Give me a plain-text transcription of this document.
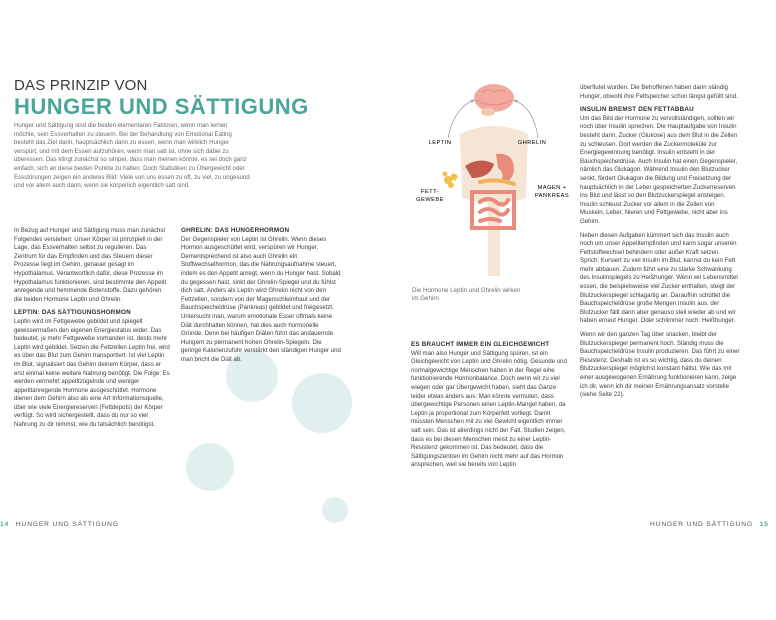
DAS PRINZIP VON
HUNGER UND SÄTTIGUNG
Hunger und Sättigung sind die beiden elementaren Faktoren, wenn man lernen möchte, sein Essverhalten zu steuern. Bei der Behandlung von Emotional Eating besteht das Ziel darin, hauptsächlich dann zu essen, wenn man wirklich Hunger verspürt, und mit dem Essen aufzuhören, wenn man satt ist, ohne sich dabei zu überessen. Das klingt zunächst so simpel, dass man meinen könnte, es sei doch ganz einfach, sich an diese beiden Punkte zu halten. Doch Statistiken zu Übergewicht oder Essstörungen zeigen ein anderes Bild: Viele von uns essen zu oft, zu viel, zu ungesund und vor allem auch dann, wenn sie körperlich eigentlich satt sind.

In Bezug auf Hunger und Sättigung muss man zunächst Folgendes verstehen: Unser Körper ist prinzipiell in der Lage, das Essverhalten selbst zu regulieren. Das Zentrum für das Empfinden und das Steuern dieser Prozesse liegt im Gehirn, genauer gesagt im Hypothalamus. Verantwortlich dafür, diese Prozesse im Hypothalamus funktionieren, sind bestimmte den Appetit anregende und hemmende Botenstoffe. Dazu gehören die beiden Hormone Leptin und Ghrelin.

LEPTIN: DAS SÄTTIGUNGSHORMON

Leptin wird im Fettgewebe gebildet und spiegelt gewissermaßen den eigenen Energiestatus wider. Das bedeutet, je mehr Fettgewebe vorhanden ist, desto mehr Leptin wird gebildet. Setzen die Fettzellen Leptin frei, wird es über das Blut zum Gehirn transportiert. Ist viel Leptin im Blut, signalisiert das Gehirn deinem Körper, dass er erst einmal keine weitere Nahrung benötigt. Die Folge: Es werden vermehrt appetitzügelnde und weniger appetitanregende Hormone ausgeschüttet. Hormone dienen dem Gehirn also als eine Art Informationsquelle, über wie viele Energiereserven (Fettdepots) der Körper verfügt. So wird sichergestellt, dass du nur so viel Nahrung zu dir nimmst, wie du tatsächlich benötigst.

GHRELIN: DAS HUNGERHORMON

Der Gegenspieler von Leptin ist Ghrelin. Wenn dieses Hormon ausgeschüttet wird, verspüren wir Hunger. Dementsprechend ist also auch Ghrelin ein Stoffwechselhormon, das die Nahrungsaufnahme steuert, indem es den Appetit anregt, wenn du Hunger hast. Sobald du gegessen hast, sinkt der Ghrelin-Spiegel und du fühlst dich satt. Anders als Leptin wird Ghrelin nicht von den Fettzellen, sondern von der Magenschleimhaut und der Bauchspeicheldrüse (Pankreas) gebildet und freigesetzt. Untersucht man, warum emotionale Esser oftmals keine Diät durchhalten können, hat dies auch hormonelle Gründe. Denn bei häufigen Diäten führt das andauernde Hungern zu permanent hohen Ghrelin-Spiegeln. Die geringe Kalorienzufuhr verstärkt den ständigen Hunger und man bricht die Diät ab.

14 HUNGER UND SÄTTIGUNG
LEPTIN	GHRELIN
FETT-
GEWEBE
MAGEN +
PANKREAS
Die Hormone Leptin und Ghrelin wirken im Gehirn
ES BRAUCHT IMMER EIN GLEICHGEWICHT

Will man also Hunger und Sättigung spüren, ist ein Gleichgewicht von Leptin und Ghrelin nötig. Gesunde und normalgewichtige Menschen haben in der Regel eine funktionierende Hormonbalance. Doch wenn wir zu viel wiegen oder gar Übergewicht haben, sieht das Ganze leider etwas anders aus: Man könnte vermuten, dass übergewichtige Personen einen Leptin-Mangel haben, da Leptin ja proportional zum Körperfett vorliegt. Damit müssten Menschen mit zu viel Gewicht eigentlich immer satt sein. Das ist allerdings nicht der Fall. Studien zeigen, dass es bei diesen Menschen meist zu einer Leptin-Resistenz gekommen ist. Das bedeutet, dass die Sättigungszentren im Gehirn nicht mehr auf das Hormon ansprechen, weil sie bereits von Leptin

überflutet wurden. Die Betroffenen haben dann ständig Hunger, obwohl ihre Fettspeicher schon längst gefüllt sind.

INSULIN BREMST DEN FETTABBAU

Um das Bild der Hormone zu vervollständigen, sollten wir noch über Insulin sprechen. Die Hauptaufgabe von Insulin besteht darin, Zucker (Glukose) aus dem Blut in die Zellen zu schleusen. Dort werden die Zuckermoleküle zur Energiegewinnung benötigt. Insulin entsteht in der Bauchspeicheldrüse. Auch Insulin hat einen Gegenspieler, nämlich das Glukagon. Während Insulin den Blutzucker senkt, fördert Glukagon die Bildung und Freisetzung der hauptsächlich in der Leber gespeicherten Zuckerreserven ins Blut und lässt so den Blutzuckerspiegel ansteigen. Insulin schleust Zucker vor allem in die Zellen von Muskeln, Leber, Nieren und Fettgewebe, nicht aber ins Gehirn.

Neben diesen Aufgaben kümmert sich das Insulin auch noch um unser Appetitempfinden und kann sogar unseren Fettstoffwechsel behindern oder außer Kraft setzen. Sprich: Kursiert zu viel Insulin im Blut, kannst du kein Fett mehr abbauen. Zudem führt eine zu starke Schwankung des Insulinspiegels zu Heißhunger. Wenn wir Lebensmittel essen, die beispielsweise viel Zucker enthalten, steigt der Blutzuckerspiegel schlagartig an. Daraufhin schüttet die Bauchspeicheldrüse große Mengen Insulin aus, der Blutzucker fällt dann aber genauso steil wieder ab und wir haben erneut Hunger. Oder schlimmer noch: Heißhunger.

Wenn wir den ganzen Tag über snacken, bleibt der Blutzuckerspiegel permanent hoch. Ständig muss die Bauchspeicheldrüse Insulin produzieren: Das führt zu einer Resistenz. Deshalb ist es so wichtig, dass du deinen Blutzuckerspiegel möglichst konstant hältst. Wie das mit einer ausgewogenen Ernährung funktionieren kann, zeige ich dir, wenn ich dir meinen Ernährungsansatz vorstelle (siehe Seite 22).

HUNGER UND SÄTTIGUNG 15
